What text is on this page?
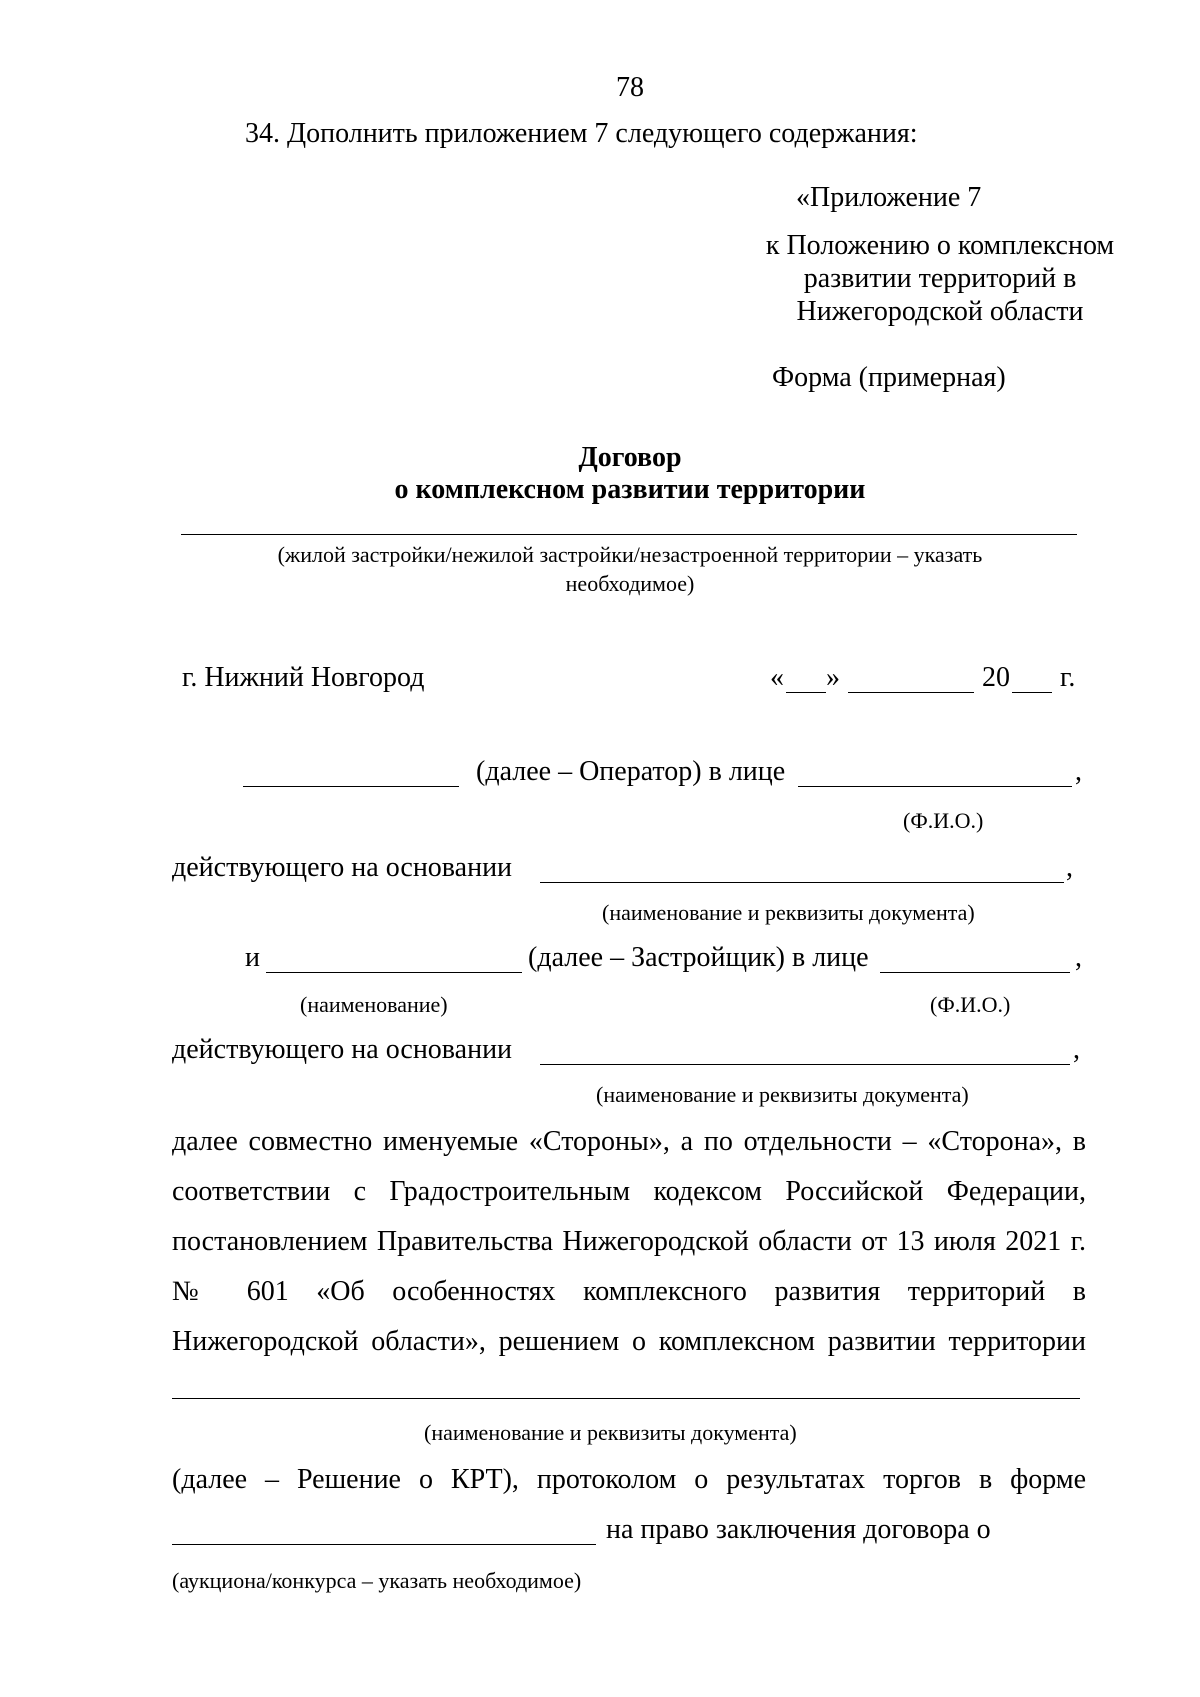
78
34. Дополнить приложением 7 следующего содержания:
«Приложение 7
к Положению о комплексном
развитии территорий в
Нижегородской области
Форма (примерная)
Договор
о комплексном развитии территории
(жилой застройки/нежилой застройки/незастроенной территории – указать
необходимое)
г. Нижний Новгород	« »	20 г.
(далее – Оператор) в лице	,
(Ф.И.О.)
действующего на основании	,
(наименование и реквизиты документа)
и	(далее – Застройщик) в лице	,
(наименование)	(Ф.И.О.)
действующего на основании	,
(наименование и реквизиты документа)
далее совместно именуемые «Стороны», а по отдельности – «Сторона», в
соответствии с Градостроительным кодексом Российской Федерации,
постановлением Правительства Нижегородской области от 13 июля 2021 г.
№ 601 «Об особенностях комплексного развития территорий в
Нижегородской области», решением о комплексном развитии территории
(наименование и реквизиты документа)
(далее – Решение о КРТ), протоколом о результатах торгов в форме
на право заключения договора о
(аукциона/конкурса – указать необходимое)
